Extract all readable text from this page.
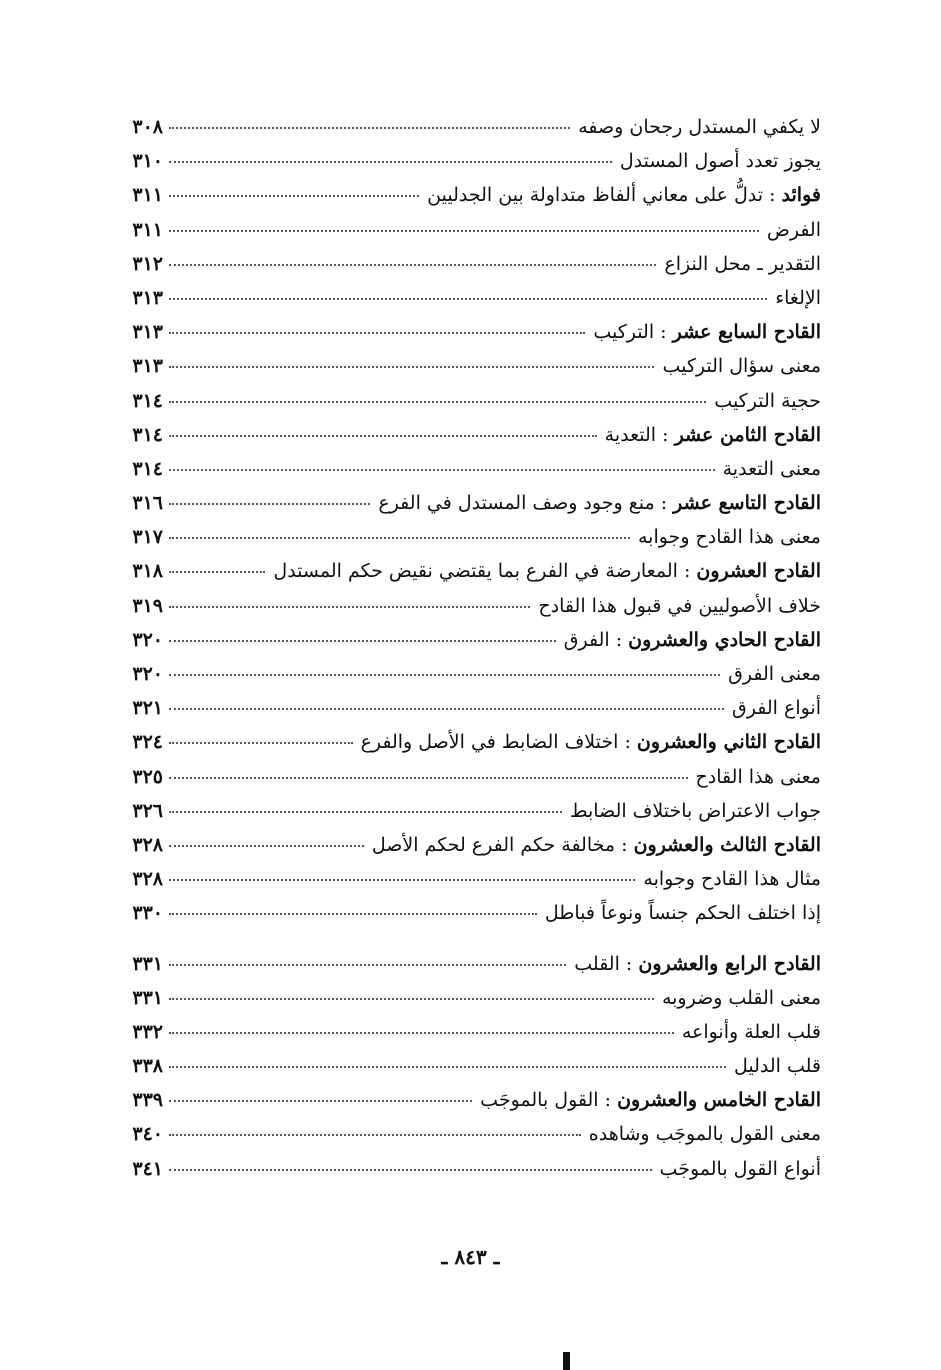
لا يكفي المستدل رجحان وصفه
٣٠٨
يجوز تعدد أصول المستدل
٣١٠
فوائد : تدلُّ على معاني ألفاظ متداولة بين الجدليين
٣١١
الفرض
٣١١
التقدير ـ محل النزاع
٣١٢
الإلغاء
٣١٣
القادح السابع عشر : التركيب
٣١٣
معنى سؤال التركيب
٣١٣
حجية التركيب
٣١٤
القادح الثامن عشر : التعدية
٣١٤
معنى التعدية
٣١٤
القادح التاسع عشر : منع وجود وصف المستدل في الفرع
٣١٦
معنى هذا القادح وجوابه
٣١٧
القادح العشرون : المعارضة في الفرع بما يقتضي نقيض حكم المستدل
٣١٨
خلاف الأصوليين في قبول هذا القادح
٣١٩
القادح الحادي والعشرون : الفرق
٣٢٠
معنى الفرق
٣٢٠
أنواع الفرق
٣٢١
القادح الثاني والعشرون : اختلاف الضابط في الأصل والفرع
٣٢٤
معنى هذا القادح
٣٢٥
جواب الاعتراض باختلاف الضابط
٣٢٦
القادح الثالث والعشرون : مخالفة حكم الفرع لحكم الأصل
٣٢٨
مثال هذا القادح وجوابه
٣٢٨
إذا اختلف الحكم جنساً ونوعاً فباطل
٣٣٠
القادح الرابع والعشرون : القلب
٣٣١
معنى القلب وضروبه
٣٣١
قلب العلة وأنواعه
٣٣٢
قلب الدليل
٣٣٨
القادح الخامس والعشرون : القول بالموجَب
٣٣٩
معنى القول بالموجَب وشاهده
٣٤٠
أنواع القول بالموجَب
٣٤١
ـ ٨٤٣ ـ
